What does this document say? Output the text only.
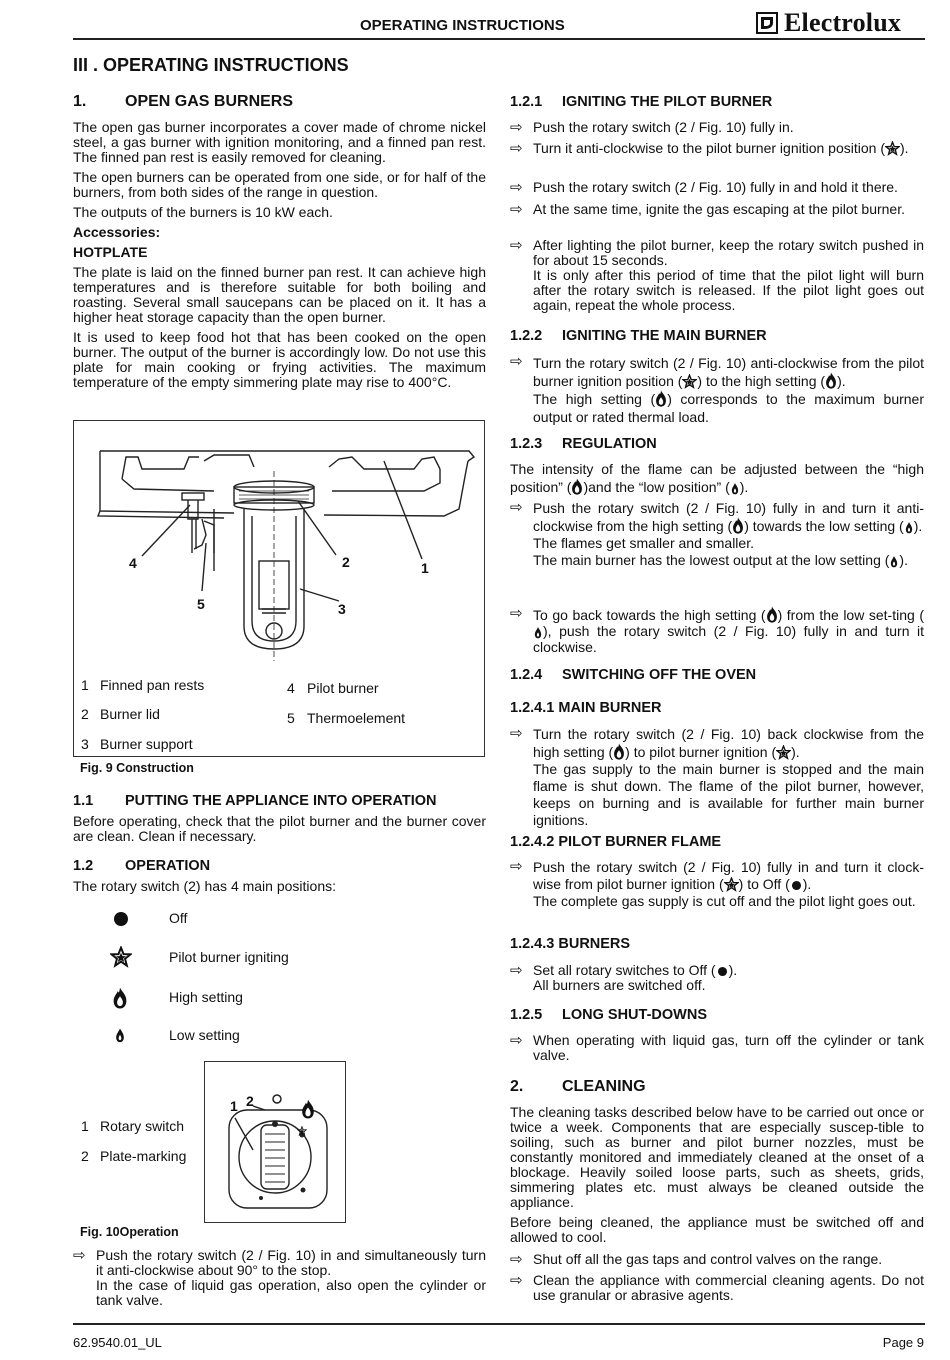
OPERATING INSTRUCTIONS	Electrolux

III . OPERATING INSTRUCTIONS

1. OPEN GAS BURNERS

The open gas burner incorporates a cover made of chrome nickel steel, a gas burner with ignition monitoring, and a finned pan rest. The finned pan rest is easily removed for cleaning.

The open burners can be operated from one side, or for half of the burners, from both sides of the range in question.

The outputs of the burners is 10 kW each.

Accessories:

HOTPLATE

The plate is laid on the finned burner pan rest. It can achieve high temperatures and is therefore suitable for both boiling and roasting. Several small saucepans can be placed on it. It has a higher heat storage capacity than the open burner.

It is used to keep food hot that has been cooked on the open burner. The output of the burner is accordingly low. Do not use this plate for main cooking or frying activities. The maximum temperature of the empty simmering plate may rise to 400°C.

4
5
2
3
1
1 Finned pan rests
2 Burner lid
3 Burner support
4 Pilot burner
5 Thermoelement
Fig. 9 Construction
1.1 PUTTING THE APPLIANCE INTO OPERATION
Before operating, check that the pilot burner and the burner cover are clean. Clean if necessary.
1.2 OPERATION
The rotary switch (2) has 4 main positions:
Off
Pilot burner igniting
High setting
Low setting
1 Rotary switch
2 Plate-marking
1 2
Fig. 10Operation
⇨ Push the rotary switch (2 / Fig. 10) in and simultaneously turn it anti-clockwise about 90° to the stop.
In the case of liquid gas operation, also open the cylinder or tank valve.
1.2.1 IGNITING THE PILOT BURNER
⇨ Push the rotary switch (2 / Fig. 10) fully in.
⇨ Turn it anti-clockwise to the pilot burner ignition position ( ).
⇨ Push the rotary switch (2 / Fig. 10) fully in and hold it there.
⇨ At the same time, ignite the gas escaping at the pilot burner.
⇨ After lighting the pilot burner, keep the rotary switch pushed in for about 15 seconds.
It is only after this period of time that the pilot light will burn after the rotary switch is released. If the pilot light goes out again, repeat the whole process.
1.2.2 IGNITING THE MAIN BURNER
⇨ Turn the rotary switch (2 / Fig. 10) anti-clockwise from the pilot burner ignition position ( ) to the high setting ( ).
The high setting ( ) corresponds to the maximum burner output or rated thermal load.
1.2.3 REGULATION
The intensity of the flame can be adjusted between the “high position” ( )and the “low position” ( ).
⇨ Push the rotary switch (2 / Fig. 10) fully in and turn it anti-clockwise from the high setting ( ) towards the low setting ( ).
The flames get smaller and smaller.
The main burner has the lowest output at the low setting ( ).
⇨ To go back towards the high setting ( ) from the low set-ting (), push the rotary switch (2 / Fig. 10) fully in and turn it clockwise.
1.2.4 SWITCHING OFF THE OVEN
1.2.4.1 MAIN BURNER
⇨ Turn the rotary switch (2 / Fig. 10) back clockwise from the high setting ( ) to pilot burner ignition ( ).
The gas supply to the main burner is stopped and the main flame is shut down. The flame of the pilot burner, however, keeps on burning and is available for further main burner ignitions.
1.2.4.2 PILOT BURNER FLAME
⇨ Push the rotary switch (2 / Fig. 10) fully in and turn it clock-wise from pilot burner ignition ( ) to Off ( ).
The complete gas supply is cut off and the pilot light goes out.
1.2.4.3 BURNERS
⇨ Set all rotary switches to Off ( ).
All burners are switched off.
1.2.5 LONG SHUT-DOWNS
⇨ When operating with liquid gas, turn off the cylinder or tank valve.
2. CLEANING

The cleaning tasks described below have to be carried out once or twice a week. Components that are especially suscep-tible to soiling, such as burner and pilot burner nozzles, must be constantly monitored and immediately cleaned at the onset of a blockage. Heavily soiled loose parts, such as sheets, grids, simmering plates etc. must always be cleaned outside the appliance.

Before being cleaned, the appliance must be switched off and allowed to cool.

⇨ Shut off all the gas taps and control valves on the range.
⇨ Clean the appliance with commercial cleaning agents. Do not use granular or abrasive agents.
62.9540.01_UL	Page 9
